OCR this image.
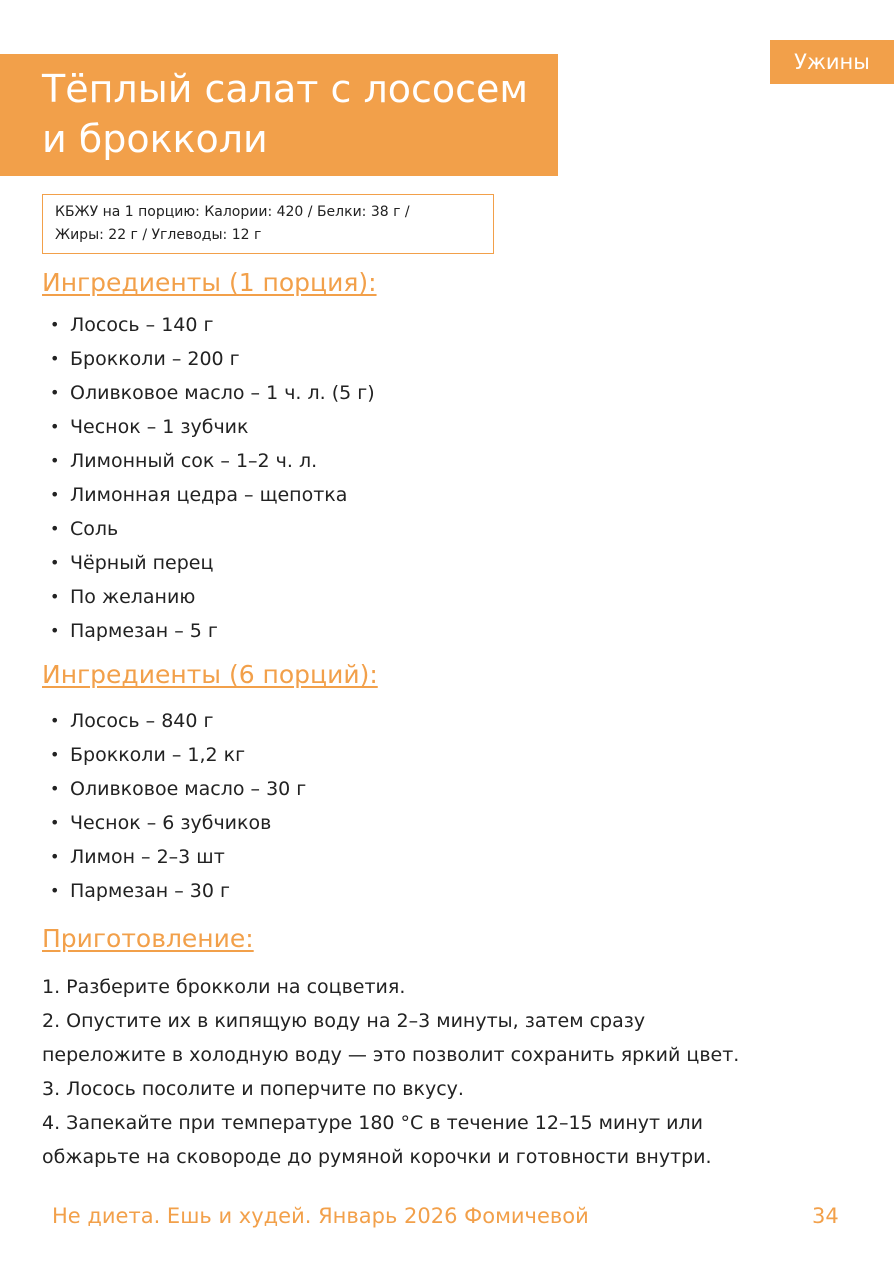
Ужины
Тёплый салат с лососем
и брокколи
КБЖУ на 1 порцию: Калории: 420 / Белки: 38 г /
Жиры: 22 г / Углеводы: 12 г
Ингредиенты (1 порция):
• Лосось – 140 г
• Брокколи – 200 г
• Оливковое масло – 1 ч. л. (5 г)
• Чеснок – 1 зубчик
• Лимонный сок – 1–2 ч. л.
• Лимонная цедра – щепотка
• Соль
• Чёрный перец
• По желанию
• Пармезан – 5 г
Ингредиенты (6 порций):
• Лосось – 840 г
• Брокколи – 1,2 кг
• Оливковое масло – 30 г
• Чеснок – 6 зубчиков
• Лимон – 2–3 шт
• Пармезан – 30 г
Приготовление:

1. Разберите брокколи на соцветия.

2. Опустите их в кипящую воду на 2–3 минуты, затем сразу

переложите в холодную воду — это позволит сохранить яркий цвет.

3. Лосось посолите и поперчите по вкусу.

4. Запекайте при температуре 180 °C в течение 12–15 минут или

обжарьте на сковороде до румяной корочки и готовности внутри.

Не диета. Ешь и худей. Январь 2026 Фомичевой	34
